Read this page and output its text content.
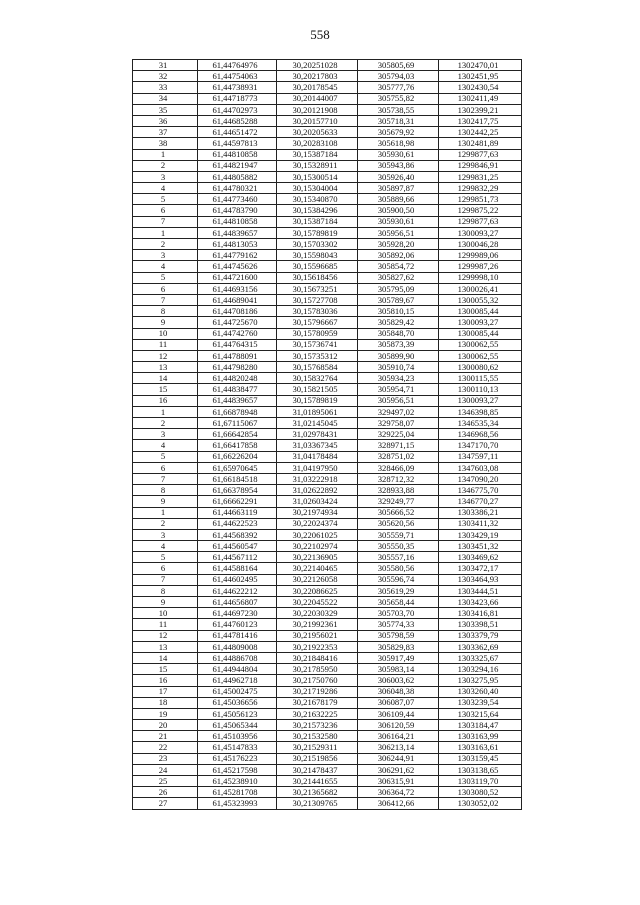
558
31	61,44764976	30,20251028	305805,69	1302470,01
32	61,44754063	30,20217803	305794,03	1302451,95
33	61,44738931	30,20178545	305777,76	1302430,54
34	61,44718773	30,20144007	305755,82	1302411,49
35	61,44702973	30,20121908	305738,55	1302399,21
36	61,44685288	30,20157710	305718,31	1302417,75
37	61,44651472	30,20205633	305679,92	1302442,25
38	61,44597813	30,20283108	305618,98	1302481,89
1	61,44810858	30,15387184	305930,61	1299877,63
2	61,44821947	30,15328911	305943,86	1299846,91
3	61,44805882	30,15300514	305926,40	1299831,25
4	61,44780321	30,15304004	305897,87	1299832,29
5	61,44773460	30,15340870	305889,66	1299851,73
6	61,44783790	30,15384296	305900,50	1299875,22
7	61,44810858	30,15387184	305930,61	1299877,63
1	61,44839657	30,15789819	305956,51	1300093,27
2	61,44813053	30,15703302	305928,20	1300046,28
3	61,44779162	30,15598043	305892,06	1299989,06
4	61,44745626	30,15596685	305854,72	1299987,26
5	61,44721600	30,15618456	305827,62	1299998,10
6	61,44693156	30,15673251	305795,09	1300026,41
7	61,44689041	30,15727708	305789,67	1300055,32
8	61,44708186	30,15783036	305810,15	1300085,44
9	61,44725670	30,15796667	305829,42	1300093,27
10	61,44742760	30,15780959	305848,70	1300085,44
11	61,44764315	30,15736741	305873,39	1300062,55
12	61,44788091	30,15735312	305899,90	1300062,55
13	61,44798280	30,15768584	305910,74	1300080,62
14	61,44820248	30,15832764	305934,23	1300115,55
15	61,44838477	30,15821505	305954,71	1300110,13
16	61,44839657	30,15789819	305956,51	1300093,27
1	61,66878948	31,01895061	329497,02	1346398,85
2	61,67115067	31,02145045	329758,07	1346535,34
3	61,66642854	31,02978431	329225,04	1346968,56
4	61,66417858	31,03367345	328971,15	1347170,70
5	61,66226204	31,04178484	328751,02	1347597,11
6	61,65970645	31,04197950	328466,09	1347603,08
7	61,66184518	31,03222918	328712,32	1347090,20
8	61,66378954	31,02622892	328933,88	1346775,70
9	61,66662291	31,02603424	329249,77	1346770,27
1	61,44663119	30,21974934	305666,52	1303386,21
2	61,44622523	30,22024374	305620,56	1303411,32
3	61,44568392	30,22061025	305559,71	1303429,19
4	61,44560547	30,22102974	305550,35	1303451,32
5	61,44567112	30,22136905	305557,16	1303469,62
6	61,44588164	30,22140465	305580,56	1303472,17
7	61,44602495	30,22126058	305596,74	1303464,93
8	61,44622212	30,22086625	305619,29	1303444,51
9	61,44656807	30,22045522	305658,44	1303423,66
10	61,44697230	30,22030329	305703,70	1303416,81
11	61,44760123	30,21992361	305774,33	1303398,51
12	61,44781416	30,21956021	305798,59	1303379,79
13	61,44809008	30,21922353	305829,83	1303362,69
14	61,44886708	30,21848416	305917,49	1303325,67
15	61,44944804	30,21785950	305983,14	1303294,16
16	61,44962718	30,21750760	306003,62	1303275,95
17	61,45002475	30,21719286	306048,38	1303260,40
18	61,45036656	30,21678179	306087,07	1303239,54
19	61,45056123	30,21632225	306109,44	1303215,64
20	61,45065344	30,21573236	306120,59	1303184,47
21	61,45103956	30,21532580	306164,21	1303163,99
22	61,45147833	30,21529311	306213,14	1303163,61
23	61,45176223	30,21519856	306244,91	1303159,45
24	61,45217598	30,21478437	306291,62	1303138,65
25	61,45238910	30,21441655	306315,91	1303119,70
26	61,45281708	30,21365682	306364,72	1303080,52
27	61,45323993	30,21309765	306412,66	1303052,02
